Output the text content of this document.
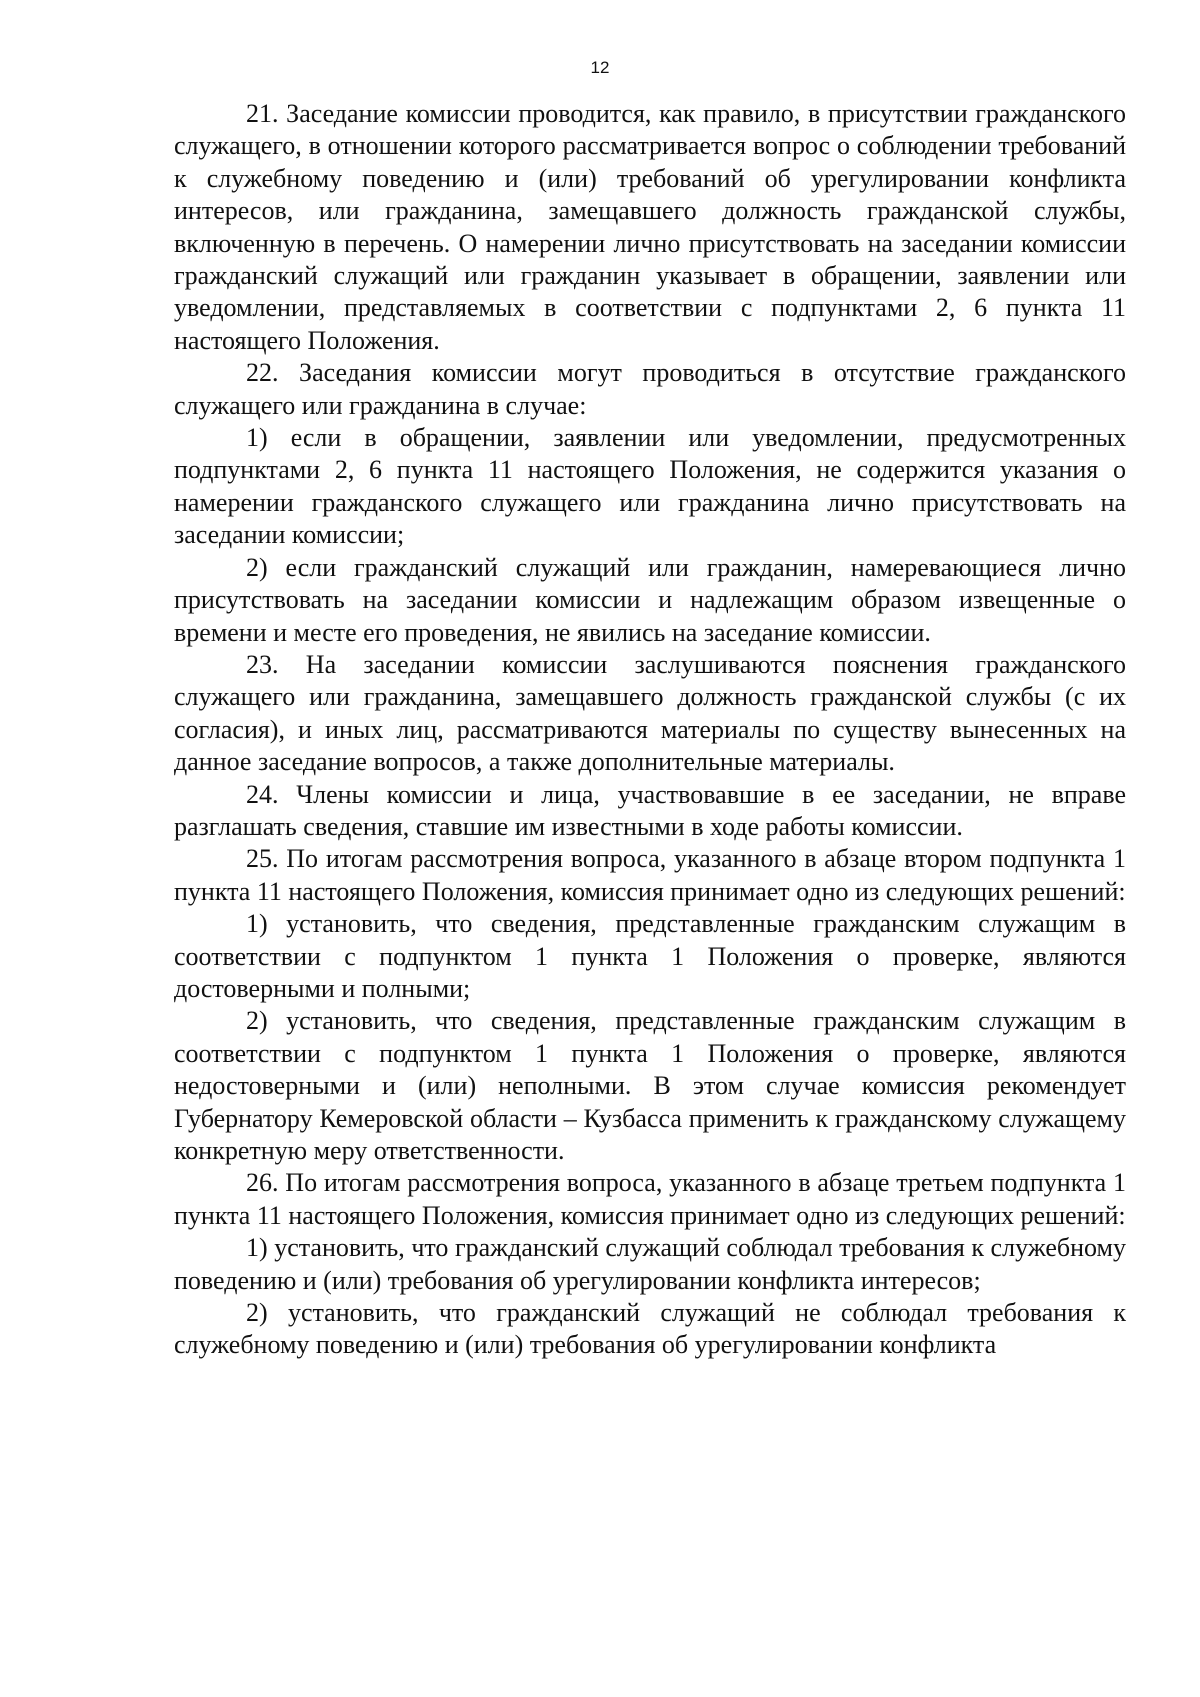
12

21. Заседание комиссии проводится, как правило, в присутствии гражданского служащего, в отношении которого рассматривается вопрос о соблюдении требований к служебному поведению и (или) требований об урегулировании конфликта интересов, или гражданина, замещавшего должность гражданской службы, включенную в перечень. О намерении лично присутствовать на заседании комиссии гражданский служащий или гражданин указывает в обращении, заявлении или уведомлении, представляемых в соответствии с подпунктами 2, 6 пункта 11 настоящего Положения.

22. Заседания комиссии могут проводиться в отсутствие гражданского служащего или гражданина в случае:

1) если в обращении, заявлении или уведомлении, предусмотренных подпунктами 2, 6 пункта 11 настоящего Положения, не содержится указания о намерении гражданского служащего или гражданина лично присутствовать на заседании комиссии;

2) если гражданский служащий или гражданин, намеревающиеся лично присутствовать на заседании комиссии и надлежащим образом извещенные о времени и месте его проведения, не явились на заседание комиссии.

23. На заседании комиссии заслушиваются пояснения гражданского служащего или гражданина, замещавшего должность гражданской службы (с их согласия), и иных лиц, рассматриваются материалы по существу вынесенных на данное заседание вопросов, а также дополнительные материалы.

24. Члены комиссии и лица, участвовавшие в ее заседании, не вправе разглашать сведения, ставшие им известными в ходе работы комиссии.

25. По итогам рассмотрения вопроса, указанного в абзаце втором подпункта 1 пункта 11 настоящего Положения, комиссия принимает одно из следующих решений:

1) установить, что сведения, представленные гражданским служащим в соответствии с подпунктом 1 пункта 1 Положения о проверке, являются достоверными и полными;

2) установить, что сведения, представленные гражданским служащим в соответствии с подпунктом 1 пункта 1 Положения о проверке, являются недостоверными и (или) неполными. В этом случае комиссия рекомендует Губернатору Кемеровской области – Кузбасса применить к гражданскому служащему конкретную меру ответственности.

26. По итогам рассмотрения вопроса, указанного в абзаце третьем подпункта 1 пункта 11 настоящего Положения, комиссия принимает одно из следующих решений:

1) установить, что гражданский служащий соблюдал требования к служебному поведению и (или) требования об урегулировании конфликта интересов;

2) установить, что гражданский служащий не соблюдал требования к служебному поведению и (или) требования об урегулировании конфликта
